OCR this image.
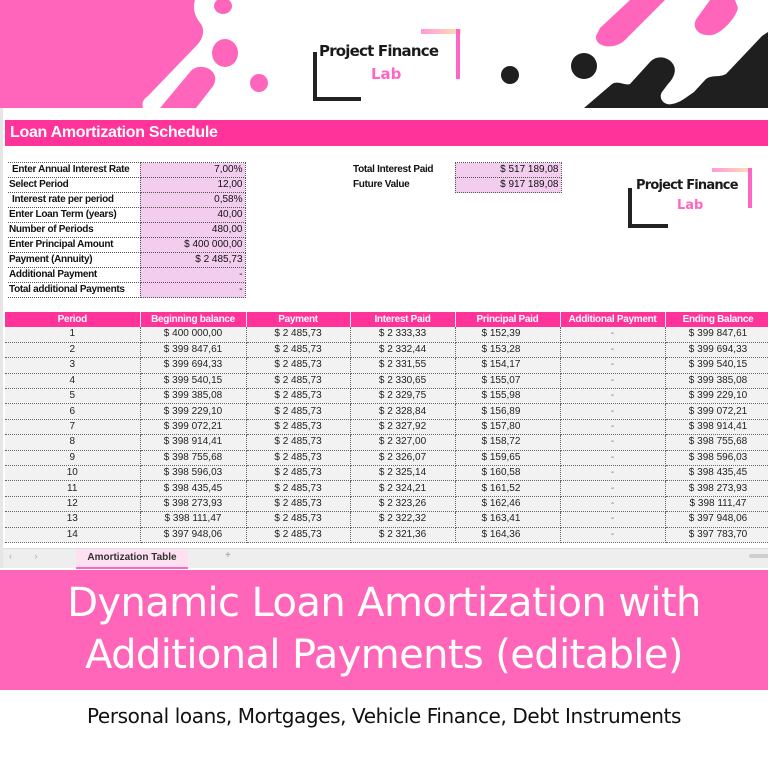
Project Finance
Lab
Loan Amortization Schedule
Enter Annual Interest Rate	7,00%
Select Period	12,00
Interest rate per period	0,58%
Enter Loan Term (years)	40,00
Number of Periods	480,00
Enter Principal Amount	$ 400 000,00
Payment (Annuity)	$ 2 485,73
Additional Payment	-
Total additional Payments	-
Total Interest Paid	$ 517 189,08
Future Value	$ 917 189,08	Project Finance
Lab
Period	Beginning balance	Payment	Interest Paid	Principal Paid	Additional Payment	Ending Balance
1	$ 400 000,00	$ 2 485,73	$ 2 333,33	$ 152,39	-	$ 399 847,61
2	$ 399 847,61	$ 2 485,73	$ 2 332,44	$ 153,28	-	$ 399 694,33
3	$ 399 694,33	$ 2 485,73	$ 2 331,55	$ 154,17	-	$ 399 540,15
4	$ 399 540,15	$ 2 485,73	$ 2 330,65	$ 155,07	-	$ 399 385,08
5	$ 399 385,08	$ 2 485,73	$ 2 329,75	$ 155,98	-	$ 399 229,10
6	$ 399 229,10	$ 2 485,73	$ 2 328,84	$ 156,89	-	$ 399 072,21
7	$ 399 072,21	$ 2 485,73	$ 2 327,92	$ 157,80	-	$ 398 914,41
8	$ 398 914,41	$ 2 485,73	$ 2 327,00	$ 158,72	-	$ 398 755,68
9	$ 398 755,68	$ 2 485,73	$ 2 326,07	$ 159,65	-	$ 398 596,03
10	$ 398 596,03	$ 2 485,73	$ 2 325,14	$ 160,58	-	$ 398 435,45
11	$ 398 435,45	$ 2 485,73	$ 2 324,21	$ 161,52	-	$ 398 273,93
12	$ 398 273,93	$ 2 485,73	$ 2 323,26	$ 162,46	-	$ 398 111,47
13	$ 398 111,47	$ 2 485,73	$ 2 322,32	$ 163,41	-	$ 397 948,06
14	$ 397 948,06	$ 2 485,73	$ 2 321,36	$ 164,36	-	$ 397 783,70
‹ ›	Amortization Table	+
Dynamic Loan Amortization with
Additional Payments (editable)
Personal loans, Mortgages, Vehicle Finance, Debt Instruments
